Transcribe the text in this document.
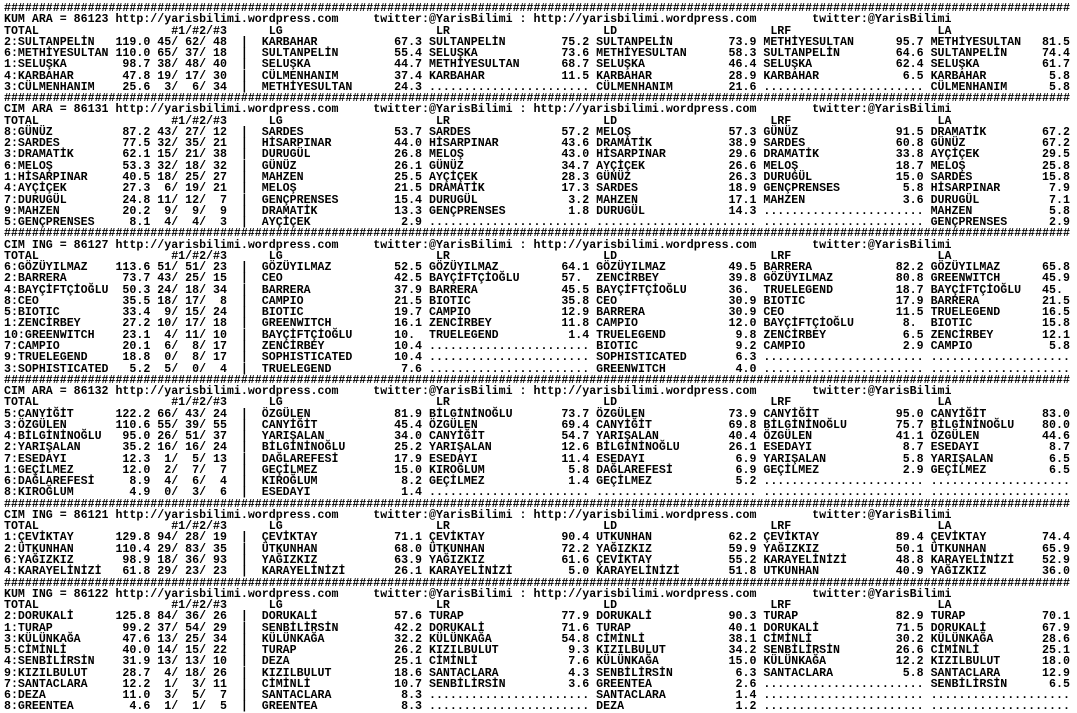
#########################################################################################################################################################
KUM ARA = 86123 http://yarisbilimi.wordpress.com     twitter:@YarisBilimi : http://yarisbilimi.wordpress.com        twitter:@YarisBilimi
TOTAL                   #1/#2/#3      LG                      LR                      LD                      LRF                     LA
2:SULTANPELİN   119.0 45/ 62/ 48  |  KARBAHAR           67.3 SULTANPELİN        75.2 SULTANPELİN        73.9 METHİYESULTAN      95.7 METHİYESULTAN   81.5
6:METHİYESULTAN 110.0 65/ 37/ 18  |  SULTANPELİN        55.4 SELUŞKA            73.6 METHİYESULTAN      58.3 SULTANPELİN        64.6 SULTANPELİN     74.4
1:SELUŞKA        98.7 38/ 48/ 40  |  SELUŞKA            44.7 METHİYESULTAN      68.7 SELUŞKA            46.4 SELUŞKA            62.4 SELUŞKA         61.7
4:KARBAHAR       47.8 19/ 17/ 30  |  CÜLMENHANIM        37.4 KARBAHAR           11.5 KARBAHAR           28.9 KARBAHAR            6.5 KARBAHAR         5.8
3:CÜLMENHANIM    25.6  3/  6/ 34  |  METHİYESULTAN      24.3 ....................... CÜLMENHANIM        21.6 ....................... CÜLMENHANIM      5.8
#########################################################################################################################################################
CIM ARA = 86131 http://yarisbilimi.wordpress.com     twitter:@YarisBilimi : http://yarisbilimi.wordpress.com        twitter:@YarisBilimi
TOTAL                   #1/#2/#3      LG                      LR                      LD                      LRF                     LA
8:GÜNÜZ          87.2 43/ 27/ 12  |  SARDES             53.7 SARDES             57.2 MELOŞ              57.3 GÜNÜZ              91.5 DRAMATİK        67.2
2:SARDES         77.5 32/ 35/ 21  |  HİSARPINAR         44.0 HİSARPINAR         43.6 DRAMATİK           38.9 SARDES             60.8 GÜNÜZ           67.2
3:DRAMATİK       62.1 15/ 21/ 38  |  DURUGÜL            26.8 MELOŞ              43.0 HİSARPINAR         29.6 DRAMATİK           33.8 AYÇİÇEK         29.5
6:MELOŞ          53.3 32/ 18/ 32  |  GÜNÜZ              26.1 GÜNÜZ              34.7 AYÇİÇEK            26.6 MELOŞ              18.7 MELOŞ           25.8
1:HİSARPINAR     40.5 18/ 25/ 27  |  MAHZEN             25.5 AYÇİÇEK            28.3 GÜNÜZ              26.3 DURUGÜL            15.0 SARDES          15.8
4:AYÇİÇEK        27.3  6/ 19/ 21  |  MELOŞ              21.5 DRAMATİK           17.3 SARDES             18.9 GENÇPRENSES         5.8 HİSARPINAR       7.9
7:DURUGÜL        24.8 11/ 12/  7  |  GENÇPRENSES        15.4 DURUGÜL             3.2 MAHZEN             17.1 MAHZEN              3.6 DURUGÜL          7.1
9:MAHZEN         20.2  9/  9/  9  |  DRAMATİK           13.3 GENÇPRENSES         1.8 DURUGÜL            14.3 ....................... MAHZEN           5.8
5:GENÇPRENSES     8.1  4/  4/  3  |  AYÇİÇEK             2.9 ....................... ....................... ....................... GENÇPRENSES      2.9
#########################################################################################################################################################
CIM ING = 86127 http://yarisbilimi.wordpress.com     twitter:@YarisBilimi : http://yarisbilimi.wordpress.com        twitter:@YarisBilimi
TOTAL                   #1/#2/#3      LG                      LR                      LD                      LRF                     LA
6:GÖZÜYILMAZ    113.6 51/ 51/ 23  |  GÖZÜYILMAZ         52.5 GÖZÜYILMAZ         64.1 GÖZÜYILMAZ         49.5 BARRERA            82.2 GÖZÜYILMAZ      65.8
2:BARRERA        73.7 43/ 25/ 15  |  CEO                42.5 BAYÇİFTÇİOĞLU      57.  ZENCİRBEY          39.8 GÖZÜYILMAZ         80.8 GREENWITCH      45.9
4:BAYÇİFTÇİOĞLU  50.3 24/ 18/ 34  |  BARRERA            37.9 BARRERA            45.5 BAYÇİFTÇİOĞLU      36.  TRUELEGEND         18.7 BAYÇİFTÇİOĞLU   45.
8:CEO            35.5 18/ 17/  8  |  CAMPIO             21.5 BIOTIC             35.8 CEO                30.9 BIOTIC             17.9 BARRERA         21.5
5:BIOTIC         33.4  9/ 15/ 24  |  BIOTIC             19.7 CAMPIO             12.9 BARRERA            30.9 CEO                11.5 TRUELEGEND      16.5
1:ZENCİRBEY      27.2 10/ 17/ 18  |  GREENWITCH         16.1 ZENCİRBEY          11.8 CAMPIO             12.0 BAYÇİFTÇİOĞLU       8.  BIOTIC          15.8
10:GREENWITCH    23.1  4/ 11/ 10  |  BAYÇİFTÇİOĞLU      10.  TRUELEGEND          1.4 TRUELEGEND          9.8 ZENCİRBEY           6.5 ZENCİRBEY       12.1
7:CAMPIO         20.1  6/  8/ 17  |  ZENCİRBEY          10.4 ....................... BIOTIC              9.2 CAMPIO              2.9 CAMPIO           5.8
9:TRUELEGEND     18.8  0/  8/ 17  |  SOPHISTICATED      10.4 ....................... SOPHISTICATED       6.3 ....................... ....................
3:SOPHISTICATED   5.2  5/  0/  4  |  TRUELEGEND          7.6 ....................... GREENWITCH          4.0 ....................... ....................
#########################################################################################################################################################
CIM ARA = 86132 http://yarisbilimi.wordpress.com     twitter:@YarisBilimi : http://yarisbilimi.wordpress.com        twitter:@YarisBilimi
TOTAL                   #1/#2/#3      LG                      LR                      LD                      LRF                     LA
5:CANYİĞİT      122.2 66/ 43/ 24  |  ÖZGÜLEN            81.9 BİLGİNİNOĞLU       73.7 ÖZGÜLEN            73.9 CANYİĞİT           95.0 CANYİĞİT        83.0
3:ÖZGÜLEN       110.6 55/ 39/ 55  |  CANYİĞİT           45.4 ÖZGÜLEN            69.4 CANYİĞİT           69.8 BİLGİNİNOĞLU       75.7 BİLGİNİNOĞLU    80.0
4:BİLGİNİNOĞLU   95.0 26/ 51/ 37  |  YARIŞALAN          34.0 CANYİĞİT           54.7 YARIŞALAN          40.4 ÖZGÜLEN            41.1 ÖZGÜLEN         44.6
2:YARIŞALAN      35.2 16/ 16/ 24  |  BİLGİNİNOĞLU       25.2 YARIŞALAN          12.6 BİLGİNİNOĞLU       26.1 ESEDAYI             8.7 ESEDAYI          8.7
7:ESEDAYI        12.3  1/  5/ 13  |  DAĞLAREFESİ        17.9 ESEDAYI            11.4 ESEDAYI             6.9 YARIŞALAN           5.8 YARIŞALAN        6.5
1:GEÇİLMEZ       12.0  2/  7/  7  |  GEÇİLMEZ           15.0 KIROĞLUM            5.8 DAĞLAREFESİ         6.9 GEÇİLMEZ            2.9 GEÇİLMEZ         6.5
6:DAĞLAREFESİ     8.9  4/  6/  4  |  KIROĞLUM            8.2 GEÇİLMEZ            1.4 GEÇİLMEZ            5.2 ....................... ....................
8:KIROĞLUM        4.9  0/  3/  6  |  ESEDAYI             1.4 ....................... ....................... ....................... ....................
#########################################################################################################################################################
CIM ING = 86121 http://yarisbilimi.wordpress.com     twitter:@YarisBilimi : http://yarisbilimi.wordpress.com        twitter:@YarisBilimi
TOTAL                   #1/#2/#3      LG                      LR                      LD                      LRF                     LA
1:ÇEVİKTAY      129.8 94/ 28/ 19  |  ÇEVİKTAY           71.1 ÇEVİKTAY           90.4 UTKUNHAN           62.2 ÇEVİKTAY           89.4 ÇEVİKTAY        74.4
2:ÜTKUNHAN      110.4 29/ 83/ 35  |  ÜTKUNHAN           68.0 ÜTKUNHAN           72.2 YAĞIZKIZ           59.9 YAĞIZKIZ           50.1 ÜTKUNHAN        65.9
6:YAĞIZKIZ       98.9 18/ 36/ 93  |  YAĞIZKIZ           63.9 YAĞIZKIZ           61.6 ÇEVİKTAY           55.2 KARAYELİNİZİ       48.8 KARAYELİNİZİ    52.9
4:KARAYELİNİZİ   61.8 29/ 23/ 23  |  KARAYELİNİZİ       26.1 KARAYELİNİZİ        5.0 KARAYELİNİZİ       51.8 UTKUNHAN           40.9 YAĞIZKIZ        36.0
#########################################################################################################################################################
KUM ING = 86122 http://yarisbilimi.wordpress.com     twitter:@YarisBilimi : http://yarisbilimi.wordpress.com        twitter:@YarisBilimi
TOTAL                   #1/#2/#3      LG                      LR                      LD                      LRF                     LA
2:DORUKALİ      125.8 84/ 36/ 26  |  DORUKALİ           57.6 TURAP              77.9 DORUKALİ           90.3 TURAP              82.9 TURAP           70.1
1:TURAP          99.2 37/ 54/ 29  |  SENBİLİRSİN        42.2 DORUKALİ           71.6 TURAP              40.1 DORUKALİ           71.5 DORUKALİ        67.9
3:KÜLÜNKAĞA      47.6 13/ 25/ 34  |  KÜLÜNKAĞA          32.2 KÜLÜNKAĞA          54.8 CİMİNLİ            38.1 CİMİNLİ            30.2 KÜLÜNKAĞA       28.6
5:CİMİNLİ        40.0 14/ 15/ 22  |  TURAP              26.2 KIZILBULUT          9.3 KIZILBULUT         34.2 SENBİLİRSİN        26.6 CİMİNLİ         25.1
4:SENBİLİRSİN    31.9 13/ 13/ 10  |  DEZA               25.1 CİMİNLİ             7.6 KÜLÜNKAĞA          15.0 KÜLÜNKAĞA          12.2 KIZILBULUT      18.0
9:KIZILBULUT     28.7  4/ 18/ 26  |  KIZILBULUT         18.6 SANTACLARA          4.3 SENBİLİRSİN         6.3 SANTACLARA          5.8 SANTACLARA      12.9
7:SANTACLARA     12.2  1/  3/ 11  |  CİMİNLİ            10.7 SENBİLİRSİN         3.6 GREENTEA            2.6 ....................... SENBİLİRSİN      6.5
6:DEZA           11.0  3/  5/  7  |  SANTACLARA          8.3 ....................... SANTACLARA          1.4 ....................... ....................
8:GREENTEA        4.6  1/  1/  5  |  GREENTEA            8.3 ....................... DEZA                1.2 ....................... ....................
